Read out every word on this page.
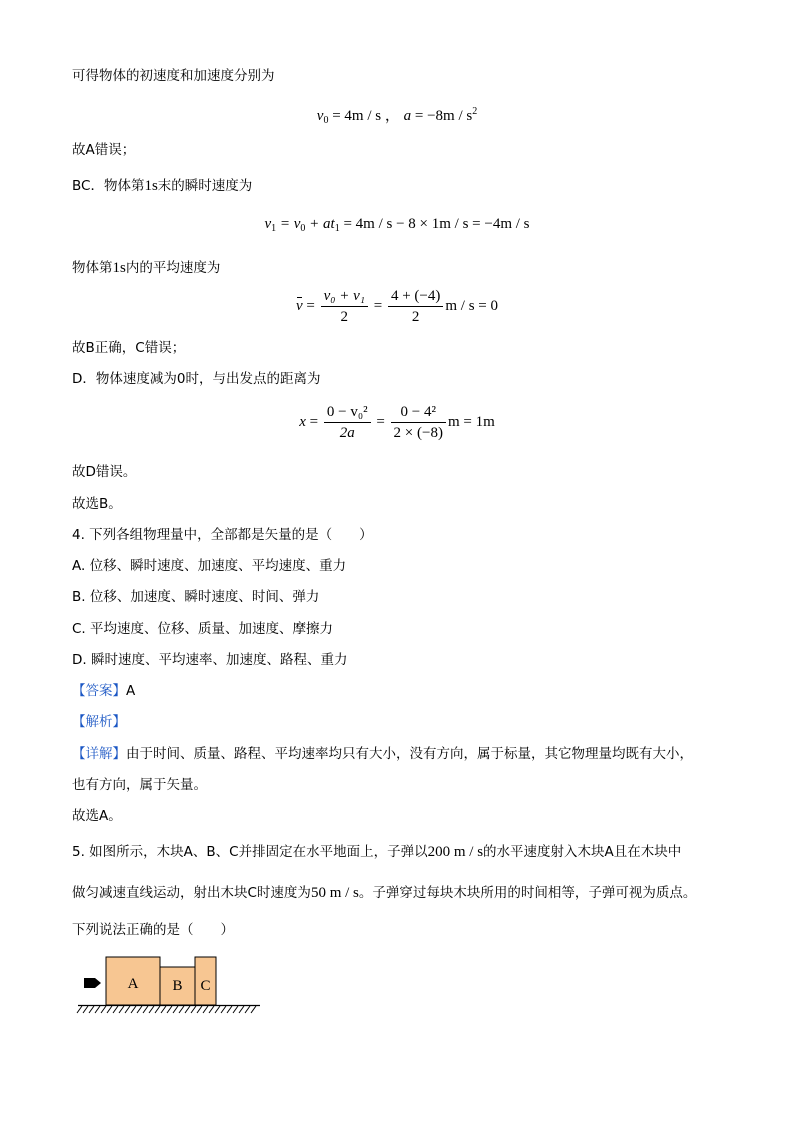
可得物体的初速度和加速度分别为
$v_0 = 4m / s$ ， $a = -8m / s^2$
故A错误；
BC．物体第1s末的瞬时速度为
$v_1 = v_0 + at_1 = 4m / s - 8 \times 1m / s = -4m / s$
物体第1s内的平均速度为
$v = \frac{\text{v₀ + v₁}}{2} = \frac{4 + (-4)}{2}$ m / s = 0
故B正确，C错误；
D．物体速度减为0时，与出发点的距离为
$x = \frac{\text{0 − v₀²}}{2a} = \frac{\text{0 − 4²}}{2 \times (-8)}$ m = 1m
故D错误。
故选B。
4. 下列各组物理量中，全部都是矢量的是（　　）
A. 位移、瞬时速度、加速度、平均速度、重力
B. 位移、加速度、瞬时速度、时间、弹力
C. 平均速度、位移、质量、加速度、摩擦力
D. 瞬时速度、平均速率、加速度、路程、重力
【答案】A
【解析】
【详解】由于时间、质量、路程、平均速率均只有大小，没有方向，属于标量，其它物理量均既有大小，
也有方向，属于矢量。
故选A。
5. 如图所示，木块A、B、C并排固定在水平地面上，子弹以200 m / s的水平速度射入木块A且在木块中
做匀减速直线运动，射出木块C时速度为50 m / s。子弹穿过每块木块所用的时间相等，子弹可视为质点。
下列说法正确的是（　　）
A B C
